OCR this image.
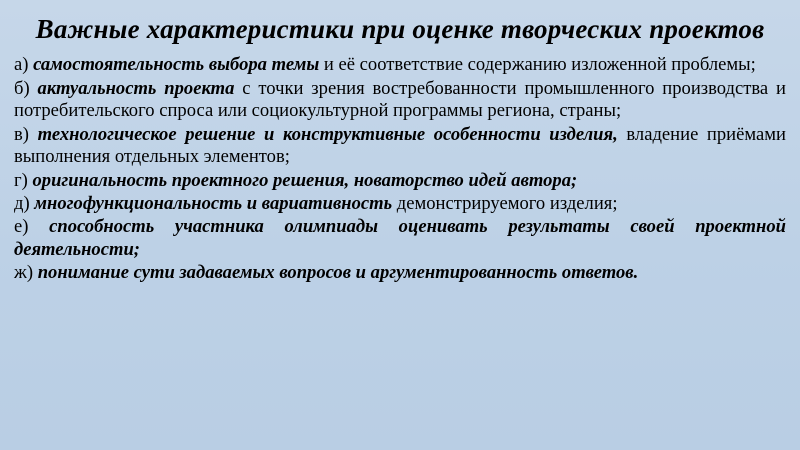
Важные характеристики при оценке творческих проектов

а) самостоятельность выбора темы и её соответствие содержанию изложенной проблемы;

б) актуальность проекта с точки зрения востребованности промышленного производства и потребительского спроса или социокультурной программы региона, страны;

в) технологическое решение и конструктивные особенности изделия, владение приёмами выполнения отдельных элементов;

г) оригинальность проектного решения, новаторство идей автора;

д) многофункциональность и вариативность демонстрируемого изделия;

е) способность участника олимпиады оценивать результаты своей проектной деятельности;

ж) понимание сути задаваемых вопросов и аргументированность ответов.
